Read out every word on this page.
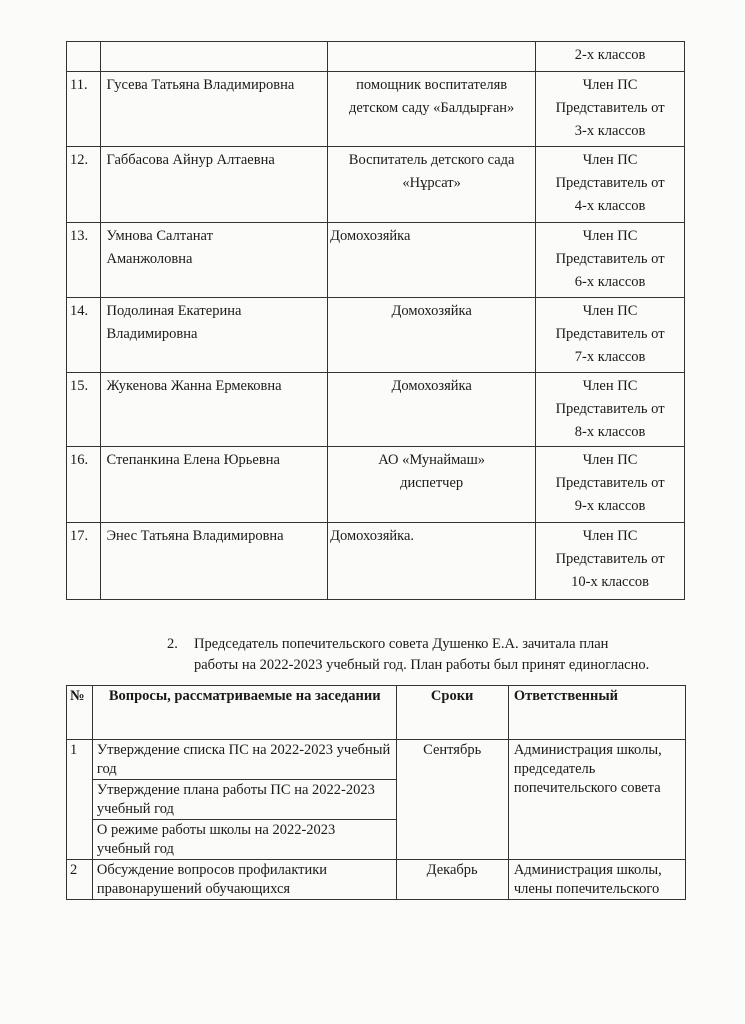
			2-х классов
11.	Гусева Татьяна Владимировна	помощник воспитателяв
детском саду «Балдырған»	Член ПС
Представитель от
3-х классов
12.	Габбасова Айнур Алтаевна	Воспитатель детского сада
«Нұрсат»	Член ПС
Представитель от
4-х классов
13.	Умнова Салтанат
Аманжоловна	Домохозяйка	Член ПС
Представитель от
6-х классов
14.	Подолиная Екатерина
Владимировна	Домохозяйка	Член ПС
Представитель от
7-х классов
15.	Жукенова Жанна Ермековна	Домохозяйка	Член ПС
Представитель от
8-х классов
16.	Степанкина Елена Юрьевна	АО «Мунаймаш»
диспетчер	Член ПС
Представитель от
9-х классов
17.	Энес Татьяна Владимировна	Домохозяйка.	Член ПС
Представитель от
10-х классов
2. Председатель попечительского совета Душенко Е.А. зачитала план
работы на 2022-2023 учебный год. План работы был принят единогласно.
№	Вопросы, рассматриваемые на заседании	Сроки	Ответственный
1	Утверждение списка ПС на 2022-2023 учебный год	Сентябрь	Администрация школы, председатель попечительского совета
	Утверждение плана работы ПС на 2022-2023 учебный год		
	О режиме работы школы на 2022-2023 учебный год		
2	Обсуждение вопросов профилактики правонарушений обучающихся	Декабрь	Администрация школы, члены попечительского
